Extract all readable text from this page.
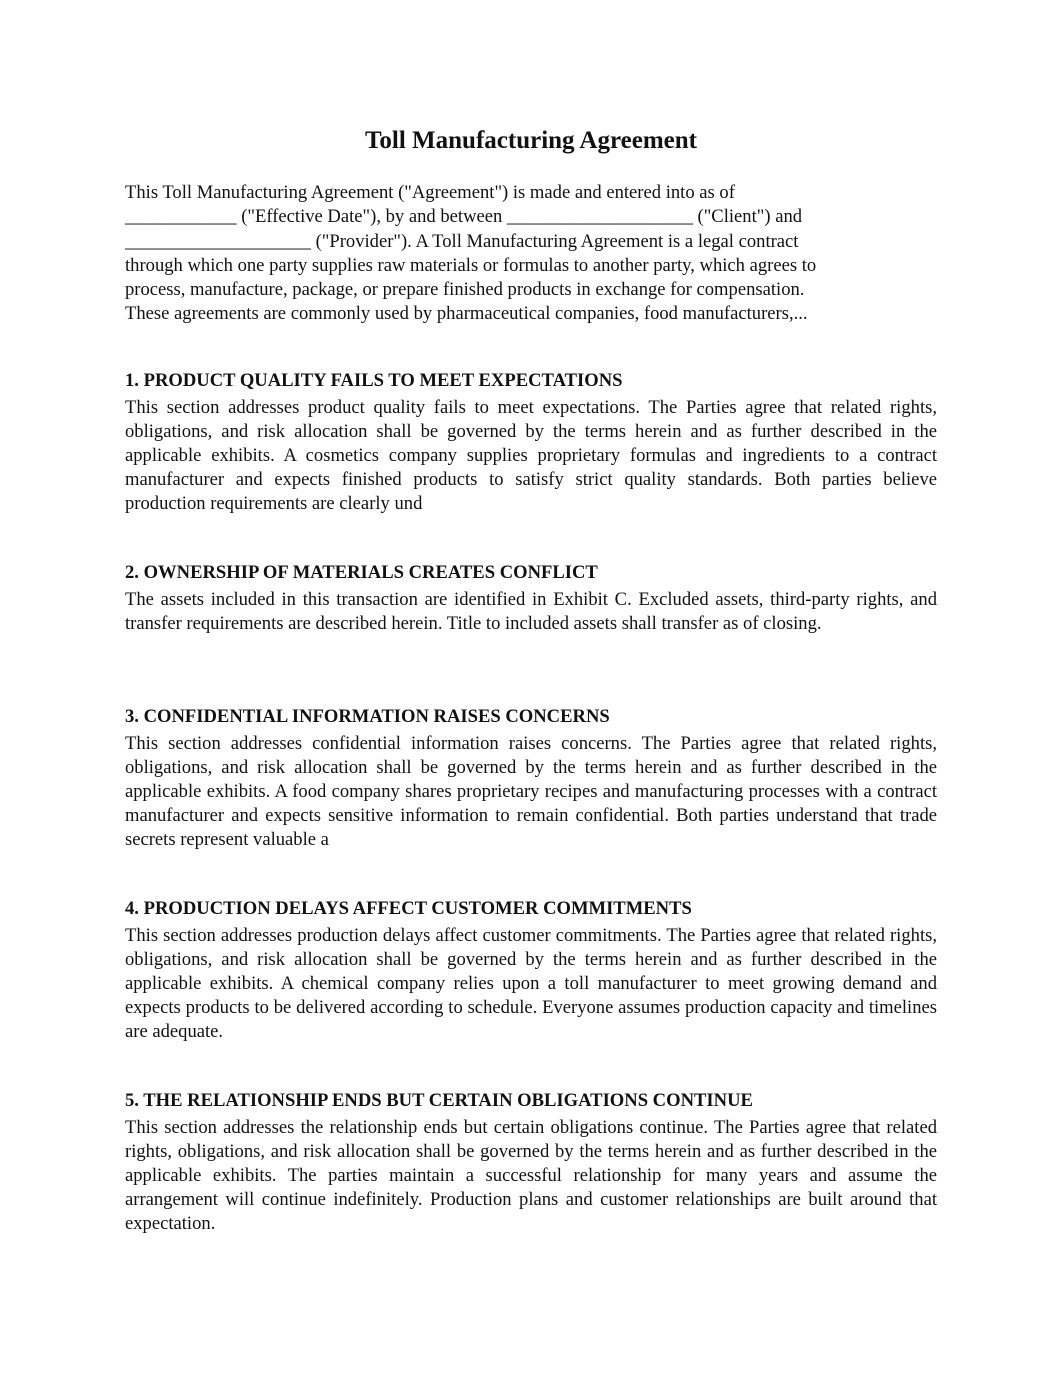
Toll Manufacturing Agreement
This Toll Manufacturing Agreement ("Agreement") is made and entered into as of
____________ ("Effective Date"), by and between ____________________ ("Client") and
____________________ ("Provider"). A Toll Manufacturing Agreement is a legal contract
through which one party supplies raw materials or formulas to another party, which agrees to
process, manufacture, package, or prepare finished products in exchange for compensation.
These agreements are commonly used by pharmaceutical companies, food manufacturers,...
1. PRODUCT QUALITY FAILS TO MEET EXPECTATIONS

This section addresses product quality fails to meet expectations. The Parties agree that related rights, obligations, and risk allocation shall be governed by the terms herein and as further described in the applicable exhibits. A cosmetics company supplies proprietary formulas and ingredients to a contract manufacturer and expects finished products to satisfy strict quality standards. Both parties believe production requirements are clearly und

2. OWNERSHIP OF MATERIALS CREATES CONFLICT

The assets included in this transaction are identified in Exhibit C. Excluded assets, third-party rights, and transfer requirements are described herein. Title to included assets shall transfer as of closing.

3. CONFIDENTIAL INFORMATION RAISES CONCERNS

This section addresses confidential information raises concerns. The Parties agree that related rights, obligations, and risk allocation shall be governed by the terms herein and as further described in the applicable exhibits. A food company shares proprietary recipes and manufacturing processes with a contract manufacturer and expects sensitive information to remain confidential. Both parties understand that trade secrets represent valuable a

4. PRODUCTION DELAYS AFFECT CUSTOMER COMMITMENTS

This section addresses production delays affect customer commitments. The Parties agree that related rights, obligations, and risk allocation shall be governed by the terms herein and as further described in the applicable exhibits. A chemical company relies upon a toll manufacturer to meet growing demand and expects products to be delivered according to schedule. Everyone assumes production capacity and timelines are adequate.

5. THE RELATIONSHIP ENDS BUT CERTAIN OBLIGATIONS CONTINUE

This section addresses the relationship ends but certain obligations continue. The Parties agree that related rights, obligations, and risk allocation shall be governed by the terms herein and as further described in the applicable exhibits. The parties maintain a successful relationship for many years and assume the arrangement will continue indefinitely. Production plans and customer relationships are built around that expectation.
